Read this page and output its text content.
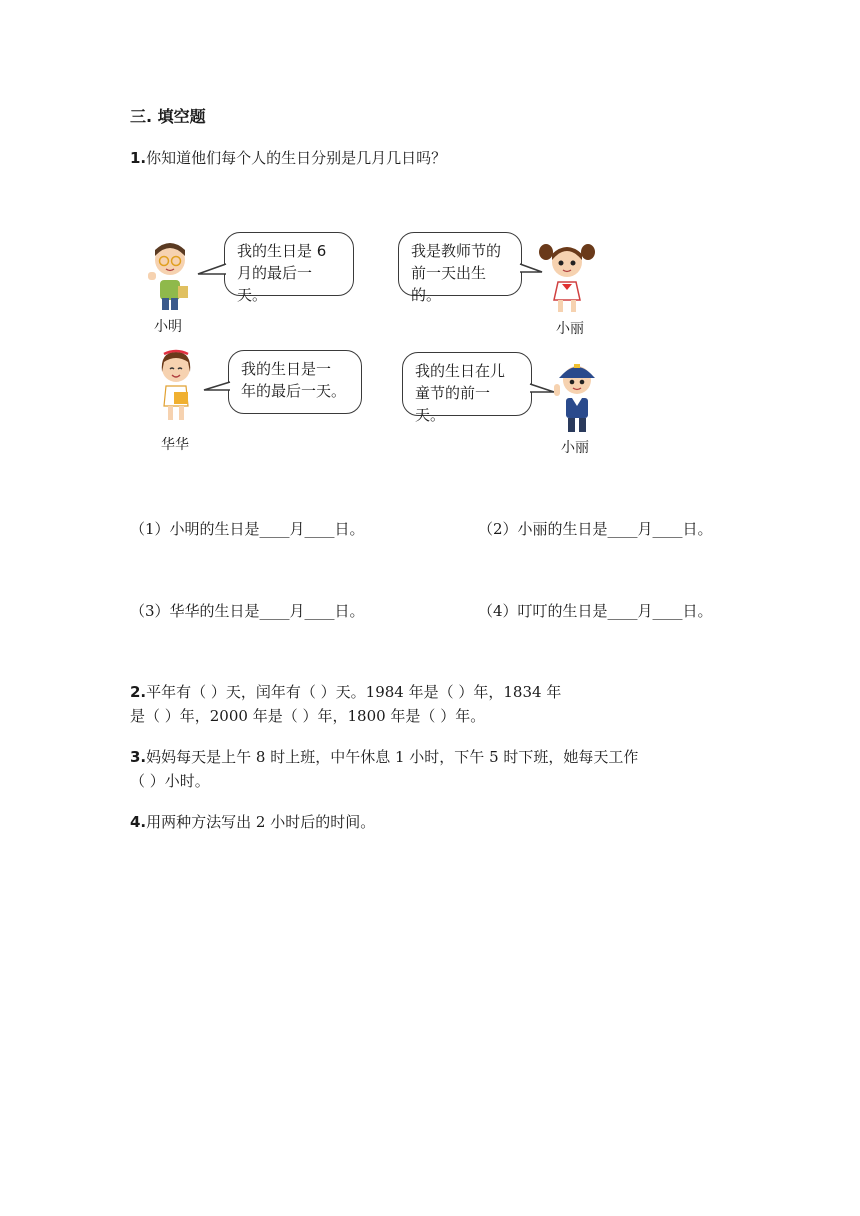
三. 填空题
1.你知道他们每个人的生日分别是几月几日吗？
小明
我的生日是 6
月的最后一天。
我是教师节的
前一天出生的。
小丽
华华
我的生日是一
年的最后一天。
我的生日在儿
童节的前一天。
小丽
（1）小明的生日是____月____日。	（2）小丽的生日是____月____日。
（3）华华的生日是____月____日。	（4）叮叮的生日是____月____日。
2.平年有（ ）天，闰年有（ ）天。1984 年是（ ）年，1834 年
是（ ）年，2000 年是（ ）年，1800 年是（ ）年。
3.妈妈每天是上午 8 时上班，中午休息 1 小时，下午 5 时下班，她每天工作
（ ）小时。
4.用两种方法写出 2 小时后的时间。
